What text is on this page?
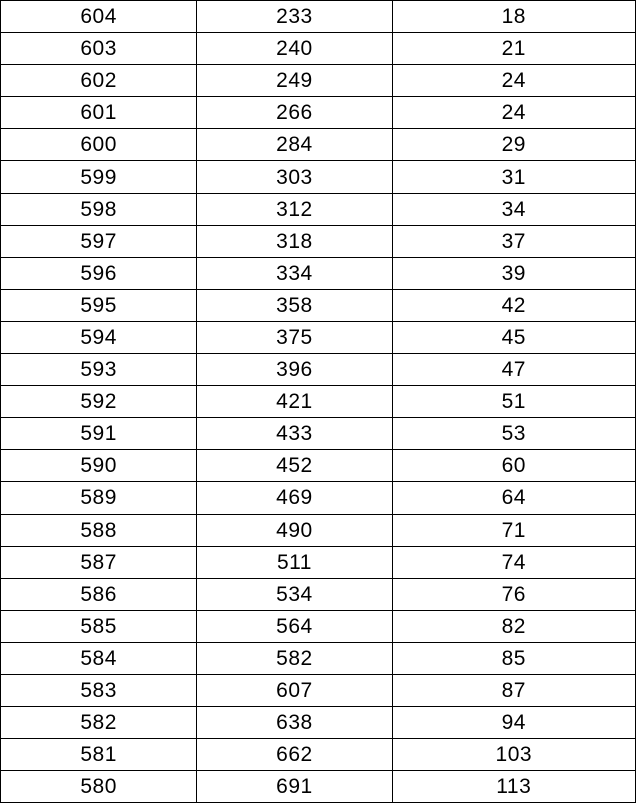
604	233	18
603	240	21
602	249	24
601	266	24
600	284	29
599	303	31
598	312	34
597	318	37
596	334	39
595	358	42
594	375	45
593	396	47
592	421	51
591	433	53
590	452	60
589	469	64
588	490	71
587	511	74
586	534	76
585	564	82
584	582	85
583	607	87
582	638	94
581	662	103
580	691	113
